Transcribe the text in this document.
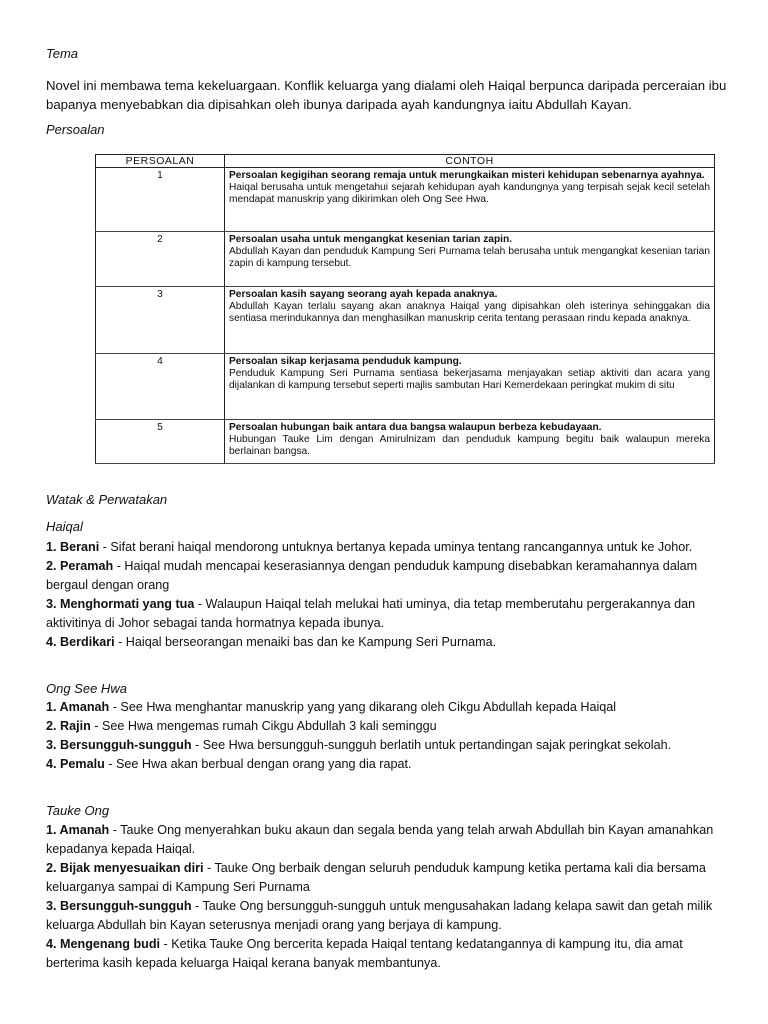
Tema
Novel ini membawa tema kekeluargaan. Konflik keluarga yang dialami oleh Haiqal berpunca daripada perceraian ibu bapanya menyebabkan dia dipisahkan oleh ibunya daripada ayah kandungnya iaitu Abdullah Kayan.
Persoalan
PERSOALAN	CONTOH
1	Persoalan kegigihan seorang remaja untuk merungkaikan misteri kehidupan sebenarnya ayahnya.
Haiqal berusaha untuk mengetahui sejarah kehidupan ayah kandungnya yang terpisah sejak kecil setelah mendapat manuskrip yang dikirimkan oleh Ong See Hwa.
2	Persoalan usaha untuk mengangkat kesenian tarian zapin.
Abdullah Kayan dan penduduk Kampung Seri Purnama telah berusaha untuk mengangkat kesenian tarian zapin di kampung tersebut.
3	Persoalan kasih sayang seorang ayah kepada anaknya.
Abdullah Kayan terlalu sayang akan anaknya Haiqal yang dipisahkan oleh isterinya sehinggakan dia sentiasa merindukannya dan menghasilkan manuskrip cerita tentang perasaan rindu kepada anaknya.
4	Persoalan sikap kerjasama penduduk kampung.
Penduduk Kampung Seri Purnama sentiasa bekerjasama menjayakan setiap aktiviti dan acara yang dijalankan di kampung tersebut seperti majlis sambutan Hari Kemerdekaan peringkat mukim di situ
5	Persoalan hubungan baik antara dua bangsa walaupun berbeza kebudayaan.
Hubungan Tauke Lim dengan Amirulnizam dan penduduk kampung begitu baik walaupun mereka berlainan bangsa.
Watak & Perwatakan
Haiqal

1. Berani - Sifat berani haiqal mendorong untuknya bertanya kepada uminya tentang rancangannya untuk ke Johor.

2. Peramah - Haiqal mudah mencapai keserasiannya dengan penduduk kampung disebabkan keramahannya dalam bergaul dengan orang

3. Menghormati yang tua - Walaupun Haiqal telah melukai hati uminya, dia tetap memberutahu pergerakannya dan aktivitinya di Johor sebagai tanda hormatnya kepada ibunya.

4. Berdikari - Haiqal berseorangan menaiki bas dan ke Kampung Seri Purnama.

Ong See Hwa

1. Amanah - See Hwa menghantar manuskrip yang yang dikarang oleh Cikgu Abdullah kepada Haiqal

2. Rajin - See Hwa mengemas rumah Cikgu Abdullah 3 kali seminggu

3. Bersungguh-sungguh - See Hwa bersungguh-sungguh berlatih untuk pertandingan sajak peringkat sekolah.

4. Pemalu - See Hwa akan berbual dengan orang yang dia rapat.

Tauke Ong

1. Amanah - Tauke Ong menyerahkan buku akaun dan segala benda yang telah arwah Abdullah bin Kayan amanahkan kepadanya kepada Haiqal.

2. Bijak menyesuaikan diri - Tauke Ong berbaik dengan seluruh penduduk kampung ketika pertama kali dia bersama keluarganya sampai di Kampung Seri Purnama

3. Bersungguh-sungguh - Tauke Ong bersungguh-sungguh untuk mengusahakan ladang kelapa sawit dan getah milik keluarga Abdullah bin Kayan seterusnya menjadi orang yang berjaya di kampung.

4. Mengenang budi - Ketika Tauke Ong bercerita kepada Haiqal tentang kedatangannya di kampung itu, dia amat berterima kasih kepada keluarga Haiqal kerana banyak membantunya.
